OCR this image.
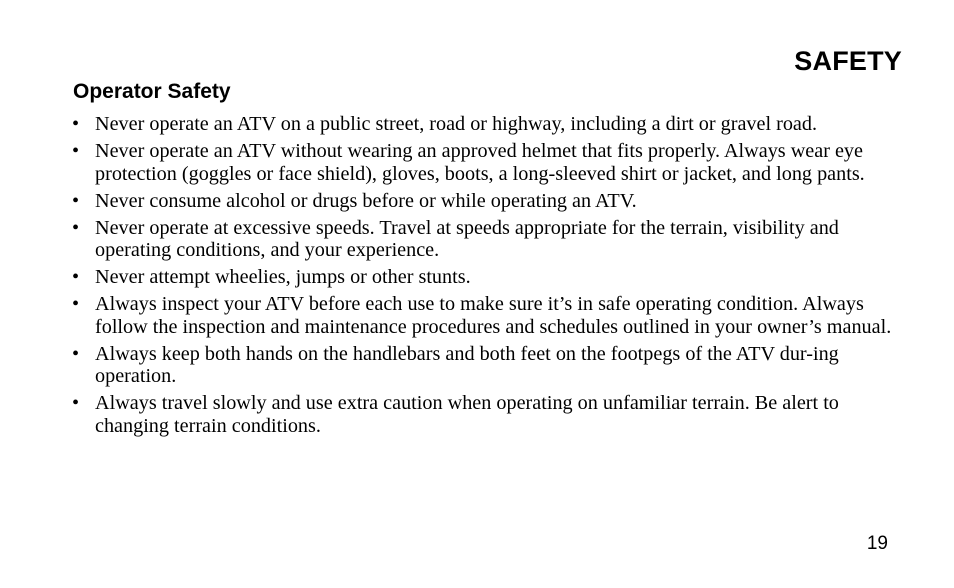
SAFETY
Operator Safety
• Never operate an ATV on a public street, road or highway, including a dirt or gravel road.
• Never operate an ATV without wearing an approved helmet that fits properly. Always wear eye protection (goggles or face shield), gloves, boots, a long-sleeved shirt or jacket, and long pants.
• Never consume alcohol or drugs before or while operating an ATV.
• Never operate at excessive speeds. Travel at speeds appropriate for the terrain, visibility and operating conditions, and your experience.
• Never attempt wheelies, jumps or other stunts.
• Always inspect your ATV before each use to make sure it’s in safe operating condition. Always follow the inspection and maintenance procedures and schedules outlined in your owner’s manual.
• Always keep both hands on the handlebars and both feet on the footpegs of the ATV dur-ing operation.
• Always travel slowly and use extra caution when operating on unfamiliar terrain. Be alert to changing terrain conditions.
19
